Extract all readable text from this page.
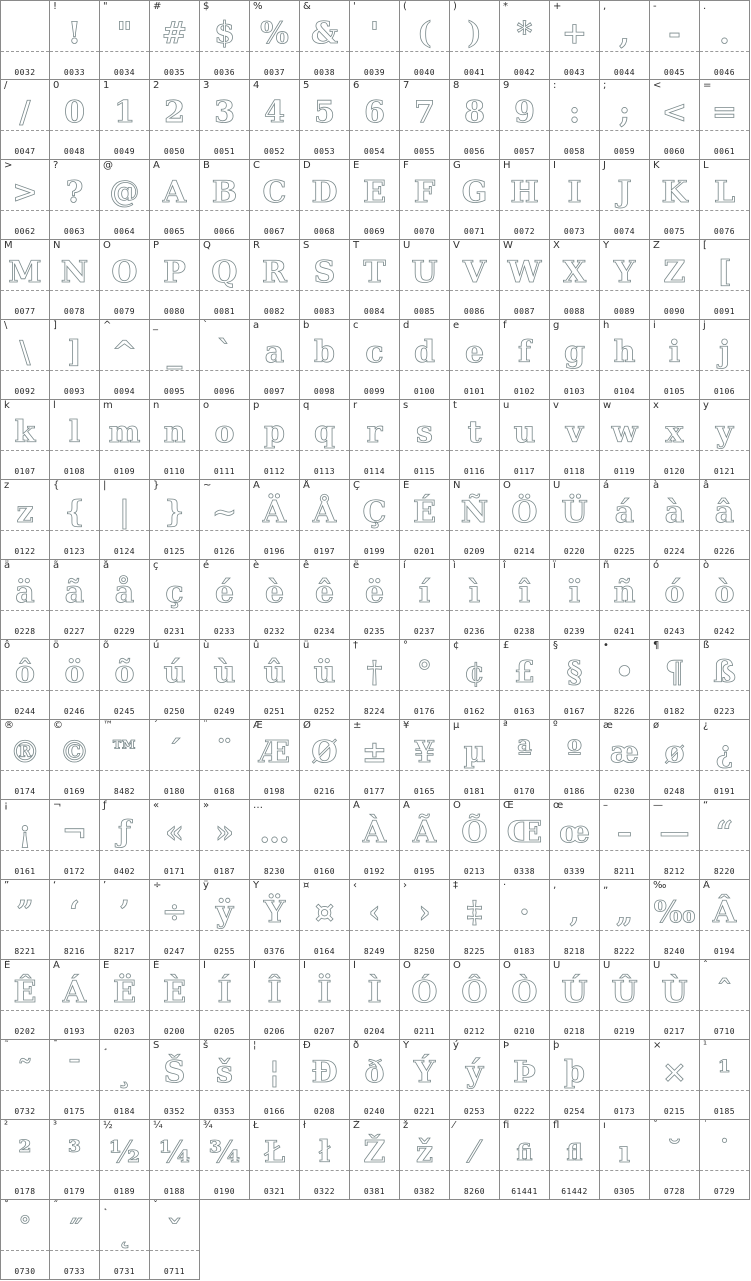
0032
!
!
0033
"
"
0034
#
#
0035
$
$
0036
%
%
0037
&
&
0038
'
'
0039
(
(
0040
)
)
0041
*
*
0042
+
+
0043
,
,
0044
-
-
0045
.
.
0046
/
/
0047
0
0
0048
1
1
0049
2
2
0050
3
3
0051
4
4
0052
5
5
0053
6
6
0054
7
7
0055
8
8
0056
9
9
0057
:
:
0058
;
;
0059
<
<
0060
=
=
0061
>
>
0062
?
?
0063
@
@
0064
A
A
0065
B
B
0066
C
C
0067
D
D
0068
E
E
0069
F
F
0070
G
G
0071
H
H
0072
I
I
0073
J
J
0074
K
K
0075
L
L
0076
M
M
0077
N
N
0078
O
O
0079
P
P
0080
Q
Q
0081
R
R
0082
S
S
0083
T
T
0084
U
U
0085
V
V
0086
W
W
0087
X
X
0088
Y
Y
0089
Z
Z
0090
[
[
0091
\
\
0092
]
]
0093
^
^
0094
_
_
0095
`
`
0096
a
a
0097
b
b
0098
c
c
0099
d
d
0100
e
e
0101
f
f
0102
g
g
0103
h
h
0104
i
i
0105
j
j
0106
k
k
0107
l
l
0108
m
m
0109
n
n
0110
o
o
0111
p
p
0112
q
q
0113
r
r
0114
s
s
0115
t
t
0116
u
u
0117
v
v
0118
w
w
0119
x
x
0120
y
y
0121
z
z
0122
{
{
0123
|
|
0124
}
}
0125
~
~
0126
Ä
Ä
0196
Å
Å
0197
Ç
Ç
0199
É
É
0201
Ñ
Ñ
0209
Ö
Ö
0214
Ü
Ü
0220
á
á
0225
à
à
0224
â
â
0226
ä
ä
0228
ã
ã
0227
å
å
0229
ç
ç
0231
é
é
0233
è
è
0232
ê
ê
0234
ë
ë
0235
í
í
0237
ì
ì
0236
î
î
0238
ï
ï
0239
ñ
ñ
0241
ó
ó
0243
ò
ò
0242
ô
ô
0244
ö
ö
0246
õ
õ
0245
ú
ú
0250
ù
ù
0249
û
û
0251
ü
ü
0252
†
†
8224
°
°
0176
¢
¢
0162
£
£
0163
§
§
0167
•
•
8226
¶
¶
0182
ß
ß
0223
®
®
0174
©
©
0169
™
™
8482
´
´
0180
¨
¨
0168
Æ
Æ
0198
Ø
Ø
0216
±
±
0177
¥
¥
0165
µ
µ
0181
ª
ª
0170
º
º
0186
æ
æ
0230
ø
ø
0248
¿
¿
0191
¡
¡
0161
¬
¬
0172
ƒ
ƒ
0402
«
«
0171
»
»
0187
…
…
8230	0160
À
À
0192
Ã
Ã
0195
Õ
Õ
0213
Œ
Œ
0338
œ
œ
0339
–
–
8211
—
—
8212
“
“
8220
”
”
8221
‘
‘
8216
’
’
8217
÷
÷
0247
ÿ
ÿ
0255
Ÿ
Ÿ
0376
¤
¤
0164
‹
‹
8249
›
›
8250
‡
‡
8225
·
·
0183
‚
‚
8218
„
„
8222
‰
‰
8240
Â
Â
0194
Ê
Ê
0202
Á
Á
0193
Ë
Ë
0203
È
È
0200
Í
Í
0205
Î
Î
0206
Ï
Ï
0207
Ì
Ì
0204
Ó
Ó
0211
Ô
Ô
0212
Ò
Ò
0210
Ú
Ú
0218
Û
Û
0219
Ù
Ù
0217
ˆ
ˆ
0710
˜
˜
0732
¯
¯
0175
¸
¸
0184
Š
Š
0352
š
š
0353
¦
¦
0166
Ð
Ð
0208
ð
ð
0240
Ý
Ý
0221
ý
ý
0253
Þ
Þ
0222
þ
þ
0254	0173
×
×
0215
¹
¹
0185
²
²
0178
³
³
0179
½
½
0189
¼
¼
0188
¾
¾
0190
Ł
Ł
0321
ł
ł
0322
Ž
Ž
0381
ž
ž
0382
⁄
⁄
8260
fi
fi
61441
fl
fl
61442
ı
ı
0305
˘
˘
0728
˙
˙
0729
˚
˚
0730
˝
˝
0733
˛
˛
0731
ˇ
ˇ
0711
